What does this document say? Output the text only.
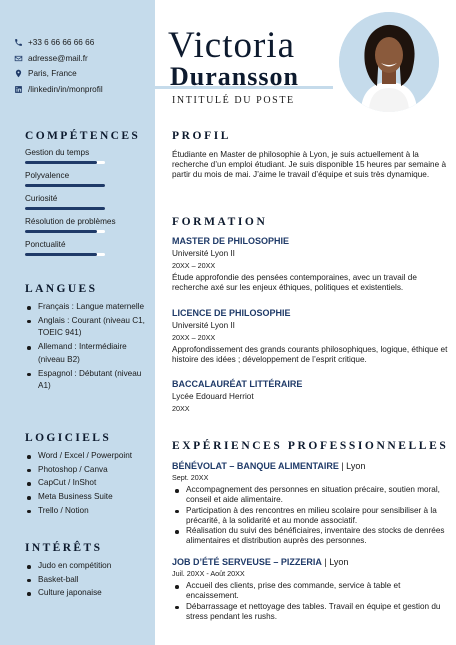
+33 6 66 66 66 66
adresse@mail.fr
Paris, France
/linkedin/in/monprofil
COMPÉTENCES
Gestion du temps
Polyvalence
Curiosité
Résolution de problèmes
Ponctualité
LANGUES
Français : Langue maternelle
Anglais : Courant (niveau C1, TOEIC 941)
Allemand : Intermédiaire (niveau B2)
Espagnol : Débutant (niveau A1)
LOGICIELS
Word / Excel / Powerpoint
Photoshop / Canva
CapCut / InShot
Meta Business Suite
Trello / Notion
INTÉRÊTS
Judo en compétition
Basket-ball
Culture japonaise
Victoria
Duransson
INTITULÉ DU POSTE
PROFIL
Étudiante en Master de philosophie à Lyon, je suis actuellement à la recherche d’un emploi étudiant. Je suis disponible 15 heures par semaine à partir du mois de mai. J’aime le travail d’équipe et suis très dynamique.
FORMATION
MASTER DE PHILOSOPHIE
Université Lyon II
20XX – 20XX
Étude approfondie des pensées contemporaines, avec un travail de recherche axé sur les enjeux éthiques, politiques et existentiels.
LICENCE DE PHILOSOPHIE
Université Lyon II
20XX – 20XX
Approfondissement des grands courants philosophiques, logique, éthique et histoire des idées ; développement de l’esprit critique.
BACCALAURÉAT LITTÉRAIRE
Lycée Edouard Herriot
20XX
EXPÉRIENCES PROFESSIONNELLES
BÉNÉVOLAT – BANQUE ALIMENTAIRE | Lyon
Sept. 20XX
Accompagnement des personnes en situation précaire, soutien moral, conseil et aide alimentaire.
Participation à des rencontres en milieu scolaire pour sensibiliser à la précarité, à la solidarité et au monde associatif.
Réalisation du suivi des bénéficiaires, inventaire des stocks de denrées alimentaires et distribution auprès des personnes.
JOB D’ÉTÉ SERVEUSE – PIZZERIA | Lyon
Juil. 20XX - Août 20XX
Accueil des clients, prise des commande, service à table et encaissement.
Débarrassage et nettoyage des tables. Travail en équipe et gestion du stress pendant les rushs.
